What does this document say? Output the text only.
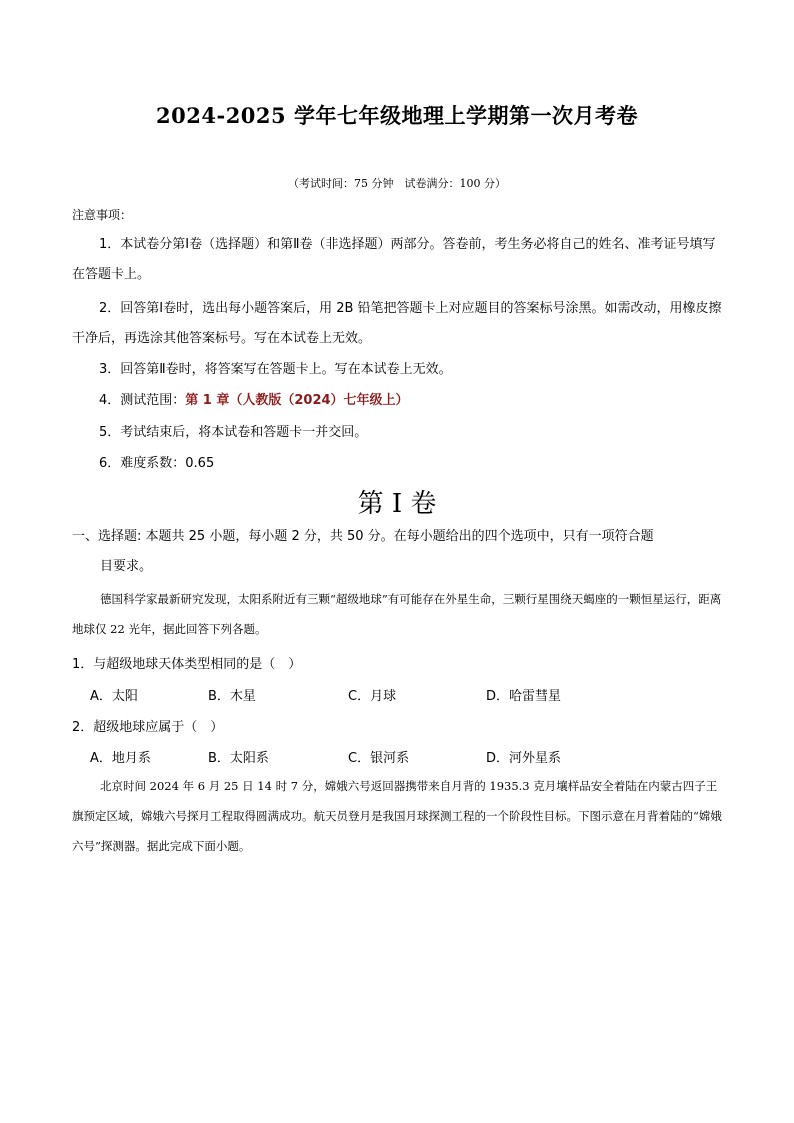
2024-2025 学年七年级地理上学期第一次月考卷
（考试时间：75 分钟　试卷满分：100 分）
注意事项：
1．本试卷分第Ⅰ卷（选择题）和第Ⅱ卷（非选择题）两部分。答卷前，考生务必将自己的姓名、准考证号填写在答题卡上。
2．回答第Ⅰ卷时，选出每小题答案后，用 2B 铅笔把答题卡上对应题目的答案标号涂黑。如需改动，用橡皮擦干净后，再选涂其他答案标号。写在本试卷上无效。
3．回答第Ⅱ卷时，将答案写在答题卡上。写在本试卷上无效。
4．测试范围：第 1 章（人教版（2024）七年级上）
5．考试结束后，将本试卷和答题卡一并交回。
6．难度系数：0.65
第 I 卷
一、选择题: 本题共 25 小题，每小题 2 分，共 50 分。在每小题给出的四个选项中，只有一项符合题
目要求。
德国科学家最新研究发现，太阳系附近有三颗“超级地球”有可能存在外星生命，三颗行星围绕天蝎座的一颗恒星运行，距离地球仅 22 光年，据此回答下列各题。
1．与超级地球天体类型相同的是（　）
A．太阳	B．木星	C．月球	D．哈雷彗星
2．超级地球应属于（　）
A．地月系	B．太阳系	C．银河系	D．河外星系
北京时间 2024 年 6 月 25 日 14 时 7 分，嫦娥六号返回器携带来自月背的 1935.3 克月壤样品安全着陆在内蒙古四子王旗预定区域，嫦娥六号探月工程取得圆满成功。航天员登月是我国月球探测工程的一个阶段性目标。下图示意在月背着陆的“嫦娥六号”探测器。据此完成下面小题。
